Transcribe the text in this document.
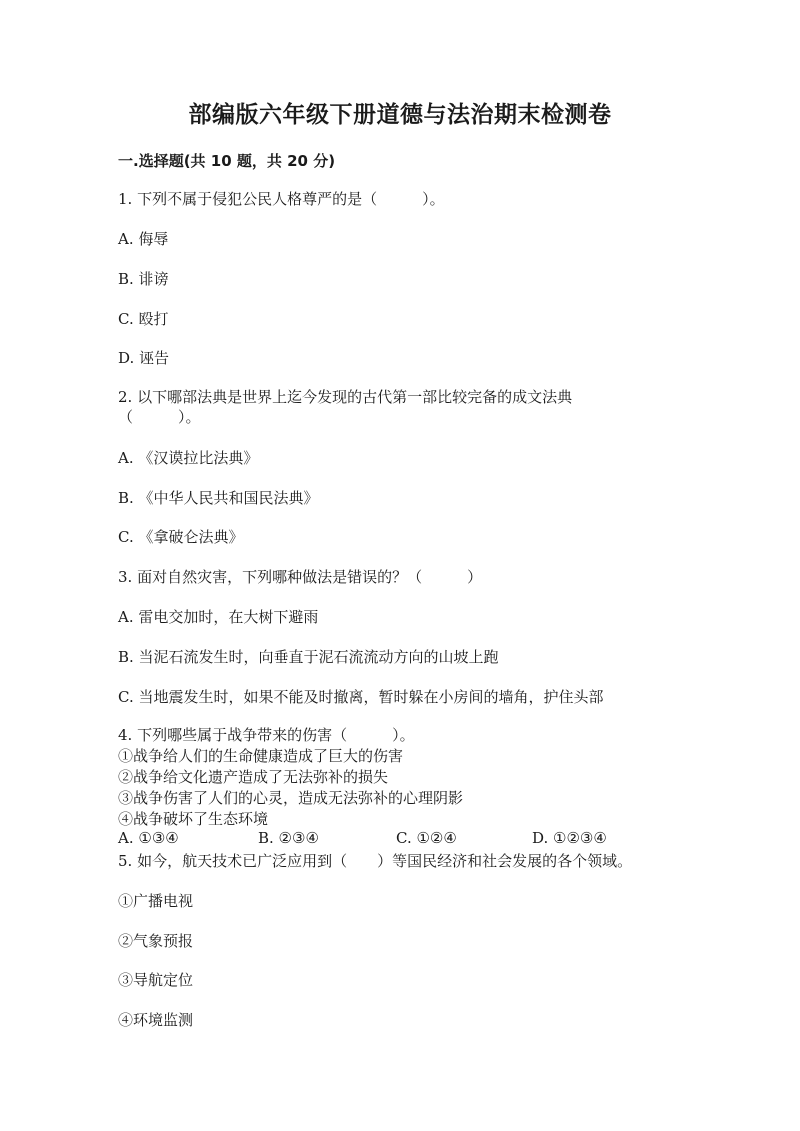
部编版六年级下册道德与法治期末检测卷
一.选择题(共 10 题，共 20 分)
1. 下列不属于侵犯公民人格尊严的是（　　　）。
A. 侮辱
B. 诽谤
C. 殴打
D. 诬告
2. 以下哪部法典是世界上迄今发现的古代第一部比较完备的成文法典
（　　　）。
A. 《汉谟拉比法典》
B. 《中华人民共和国民法典》
C. 《拿破仑法典》
3. 面对自然灾害，下列哪种做法是错误的？（　　　）
A. 雷电交加时，在大树下避雨
B. 当泥石流发生时，向垂直于泥石流流动方向的山坡上跑
C. 当地震发生时，如果不能及时撤离，暂时躲在小房间的墙角，护住头部
4. 下列哪些属于战争带来的伤害（　　　）。
①战争给人们的生命健康造成了巨大的伤害
②战争给文化遗产造成了无法弥补的损失
③战争伤害了人们的心灵，造成无法弥补的心理阴影
④战争破坏了生态环境
A. ①③④	B. ②③④	C. ①②④	D. ①②③④
5. 如今，航天技术已广泛应用到（　　）等国民经济和社会发展的各个领域。
①广播电视
②气象预报
③导航定位
④环境监测
